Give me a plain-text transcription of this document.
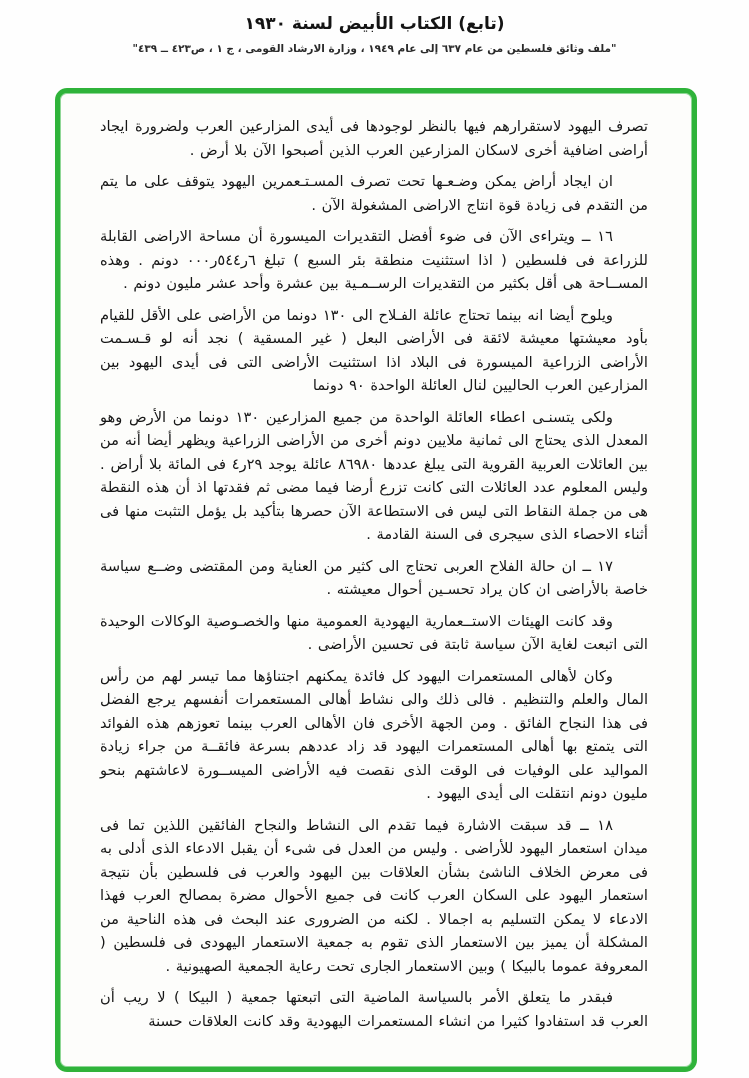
(تابع) الكتاب الأبيض لسنة ١٩٣٠
"ملف وثائق فلسطين من عام ٦٣٧ إلى عام ١٩٤٩ ، وزارة الارشاد القومى ، ج ١ ، ص٤٢٣ ــ ٤٣٩"

تصرف اليهود لاستقرارهم فيها بالنظر لوجودها فى أيدى المزارعين العرب ولضرورة ايجاد أراضى اضافية أخرى لاسكان المزارعين العرب الذين أصبحوا الآن بلا أرض .

ان ايجاد أراض يمكن وضـعـها تحت تصرف المسـتـعمرين اليهود يتوقف على ما يتم من التقدم فى زيادة قوة انتاج الاراضى المشغولة الآن .

١٦ ــ ويتراءى الآن فى ضوء أفضل التقديرات الميسورة أن مساحة الاراضى القابلة للزراعة فى فلسطين ( اذا استثنيت منطقة بئر السبع ) تبلغ ٦ر٥٤٤ر٠٠٠ دونم . وهذه المســاحة هى أقل بكثير من التقديرات الرســمـية بين عشرة وأحد عشر مليون دونم .

ويلوح أيضا انه بينما تحتاج عائلة الفـلاح الى ١٣٠ دونما من الأراضى على الأقل للقيام بأود معيشتها معيشة لائقة فى الأراضى البعل ( غير المسقية ) نجد أنه لو قـسـمت الأراضى الزراعية الميسورة فى البلاد اذا استثنيت الأراضى التى فى أيدى اليهود بين المزارعين العرب الحاليين لنال العائلة الواحدة ٩٠ دونما

ولكى يتسنـى اعطاء العائلة الواحدة من جميع المزارعين ١٣٠ دونما من الأرض وهو المعدل الذى يحتاج الى ثمانية ملايين دونم أخرى من الأراضى الزراعية ويظهر أيضا أنه من بين العائلات العربية القروية التى يبلغ عددها ٨٦٩٨٠ عائلة يوجد ٢٩ر٤ فى المائة بلا أراض . وليس المعلوم عدد العائلات التى كانت تزرع أرضا فيما مضى ثم فقدتها اذ أن هذه النقطة هى من جملة النقاط التى ليس فى الاستطاعة الآن حصرها بتأكيد بل يؤمل التثبت منها فى أثناء الاحصاء الذى سيجرى فى السنة القادمة .

١٧ ــ ان حالة الفلاح العربى تحتاج الى كثير من العناية ومن المقتضى وضــع سياسة خاصة بالأراضى ان كان يراد تحسـين أحوال معيشته .

وقد كانت الهيئات الاستــعمارية اليهودية العمومية منها والخصـوصية الوكالات الوحيدة التى اتبعت لغاية الآن سياسة ثابتة فى تحسين الأراضى .

وكان لأهالى المستعمرات اليهود كل فائدة يمكنهم اجتناؤها مما تيسر لهم من رأس المال والعلم والتنظيم . فالى ذلك والى نشاط أهالى المستعمرات أنفسهم يرجع الفضل فى هذا النجاح الفائق . ومن الجهة الأخرى فان الأهالى العرب بينما تعوزهم هذه الفوائد التى يتمتع بها أهالى المستعمرات اليهود قد زاد عددهم بسرعة فائقــة من جراء زيادة المواليد على الوفيات فى الوقت الذى نقصت فيه الأراضى الميســورة لاعاشتهم بنحو مليون دونم انتقلت الى أيدى اليهود .

١٨ ــ قد سبقت الاشارة فيما تقدم الى النشاط والنجاح الفائقين اللذين تما فى ميدان استعمار اليهود للأراضى . وليس من العدل فى شىء أن يقبل الادعاء الذى أدلى به فى معرض الخلاف الناشئ بشأن العلاقات بين اليهود والعرب فى فلسطين بأن نتيجة استعمار اليهود على السكان العرب كانت فى جميع الأحوال مضرة بمصالح العرب فهذا الادعاء لا يمكن التسليم به اجمالا . لكنه من الضرورى عند البحث فى هذه الناحية من المشكلة أن يميز بين الاستعمار الذى تقوم به جمعية الاستعمار اليهودى فى فلسطين ( المعروفة عموما بالبيكا ) وبين الاستعمار الجارى تحت رعاية الجمعية الصهيونية .

فبقدر ما يتعلق الأمر بالسياسة الماضية التى اتبعتها جمعية ( البيكا ) لا ريب أن العرب قد استفادوا كثيرا من انشاء المستعمرات اليهودية وقد كانت العلاقات حسنة
